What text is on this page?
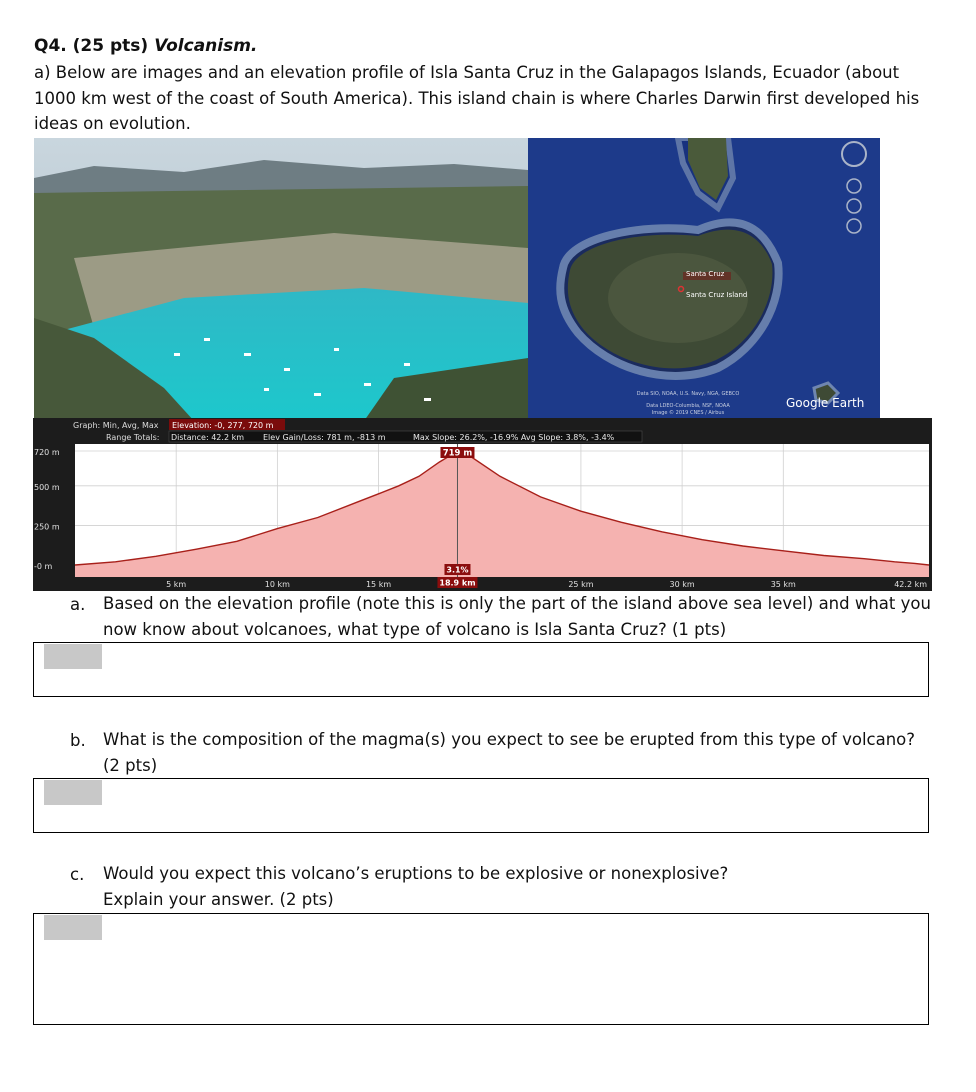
Q4. (25 pts) Volcanism.
a) Below are images and an elevation profile of Isla Santa Cruz in the Galapagos Islands, Ecuador (about 1000 km west of the coast of South America). This island chain is where Charles Darwin first developed his ideas on evolution.
Santa Cruz
Santa Cruz Island
Data SIO, NOAA, U.S. Navy, NGA, GEBCO
Data LDEO-Columbia, NSF, NOAA
Image © 2019 CNES / Airbus
Google Earth
Graph: Min, Avg, Max Elevation: -0, 277, 720 m
Range Totals: Distance: 42.2 km Elev Gain/Loss: 781 m, -813 m	Max Slope: 26.2%, -16.9% Avg Slope: 3.8%, -3.4%
720 m
500 m
250 m
-0 m
5 km	10 km	15 km	25 km	30 km	35 km	42.2 km
719 m
3.1%
18.9 km
a. Based on the elevation profile (note this is only the part of the island above sea level) and what you now know about volcanoes, what type of volcano is Isla Santa Cruz? (1 pts)
b. What is the composition of the magma(s) you expect to see be erupted from this type of volcano? (2 pts)
c. Would you expect this volcano’s eruptions to be explosive or nonexplosive?
Explain your answer. (2 pts)
